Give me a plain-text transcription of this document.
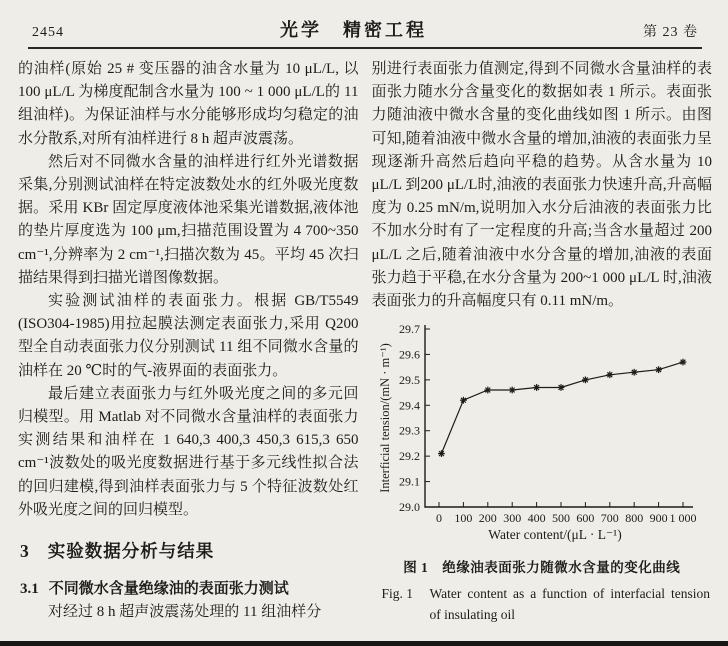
2454	光学　精密工程	第 23 卷

的油样(原始 25 # 变压器的油含水量为 10 μL/L, 以 100 μL/L 为梯度配制含水量为 100 ~ 1 000 μL/L的 11 组油样)。为保证油样与水分能够形成均匀稳定的油水分散系,对所有油样进行 8 h 超声波震荡。

然后对不同微水含量的油样进行红外光谱数据采集,分别测试油样在特定波数处水的红外吸光度数据。采用 KBr 固定厚度液体池采集光谱数据,液体池的垫片厚度选为 100 μm,扫描范围设置为 4 700~350 cm⁻¹,分辨率为 2 cm⁻¹,扫描次数为 45。平均 45 次扫描结果得到扫描光谱图像数据。

实验测试油样的表面张力。根据 GB/T5549 (ISO304-1985)用拉起膜法测定表面张力,采用 Q200 型全自动表面张力仪分别测试 11 组不同微水含量的油样在 20 ℃时的气-液界面的表面张力。

最后建立表面张力与红外吸光度之间的多元回归模型。用 Matlab 对不同微水含量油样的表面张力实测结果和油样在 1 640,3 400,3 450,3 615,3 650 cm⁻¹波数处的吸光度数据进行基于多元线性拟合法的回归建模,得到油样表面张力与 5 个特征波数处红外吸光度之间的回归模型。

3 实验数据分析与结果
3.1 不同微水含量绝缘油的表面张力测试

对经过 8 h 超声波震荡处理的 11 组油样分

别进行表面张力值测定,得到不同微水含量油样的表面张力随水分含量变化的数据如表 1 所示。表面张力随油液中微水含量的变化曲线如图 1 所示。由图可知,随着油液中微水含量的增加,油液的表面张力呈现逐渐升高然后趋向平稳的趋势。从含水量为 10 μL/L 到200 μL/L时,油液的表面张力快速升高,升高幅度为 0.25 mN/m,说明加入水分后油液的表面张力比不加水分时有了一定程度的升高;当含水量超过 200 μL/L 之后,随着油液中水分含量的增加,油液的表面张力趋于平稳,在水分含量为 200~1 000 μL/L 时,油液表面张力的升高幅度只有 0.11 mN/m。

29.0
29.1
29.2
29.3
29.4
29.5
29.6
29.7
0 100 200 300 400 500 600 700 800 900 1 000
Interficial tension/(mN · m⁻¹)
Water content/(μL · L⁻¹)
图 1　绝缘油表面张力随微水含量的变化曲线
Fig. 1	Water content as a function of interfacial tension
of insulating oil
